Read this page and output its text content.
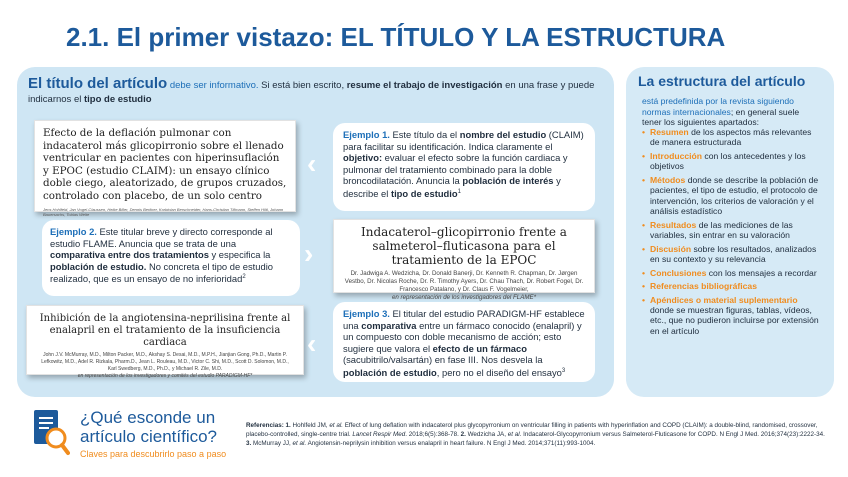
2.1. El primer vistazo: EL TÍTULO Y LA ESTRUCTURA
El título del artículo debe ser informativo. Si está bien escrito, resume el trabajo de investigación en una frase y puede indicarnos el tipo de estudio
Efecto de la deflación pulmonar con indacaterol más glicopirronio sobre el llenado ventricular en pacientes con hiperinsuflación y EPOC (estudio CLAIM): un ensayo clínico doble ciego, aleatorizado, de grupos cruzados, controlado con placebo, de un solo centro
Jens Hohlfeld, Jan Vogel-Claussen, Heike Biller, Dennis Berliner, Korbinian Berschneider, Hans-Christian Tillmann, Steffen Hiltl, Johann Bauersachs, Tobias Welte
Ejemplo 1. Este título da el nombre del estudio (CLAIM) para facilitar su identificación. Indica claramente el objetivo: evaluar el efecto sobre la función cardiaca y pulmonar del tratamiento combinado para la doble broncodilatación. Anuncia la población de interés y describe el tipo de estudio$^1$
‹
Ejemplo 2. Este titular breve y directo corresponde al estudio FLAME. Anuncia que se trata de una comparativa entre dos tratamientos y especifica la población de estudio. No concreta el tipo de estudio realizado, que es un ensayo de no inferioridad$^2$
›
Indacaterol–glicopirronio frente a salmeterol–fluticasona para el tratamiento de la EPOC
Dr. Jadwiga A. Wedzicha, Dr. Donald Banerji, Dr. Kenneth R. Chapman, Dr. Jørgen Vestbo, Dr. Nicolas Roche, Dr. R. Timothy Ayers, Dr. Chau Thach, Dr. Robert Fogel, Dr. Francesco Patalano, y Dr. Claus F. Vogelmeier,
en representación de los investigadores del FLAME*
Inhibición de la angiotensina-neprilisina frente al enalapril en el tratamiento de la insuficiencia cardiaca
John J.V. McMurray, M.D., Milton Packer, M.D., Akshay S. Desai, M.D., M.P.H., Jianjian Gong, Ph.D., Martin P. Lefkowitz, M.D., Adel R. Rizkala, Pharm.D., Jean L. Rouleau, M.D., Victor C. Shi, M.D., Scott D. Solomon, M.D., Karl Swedberg, M.D., Ph.D., y Michael R. Zile, M.D.
en representación de los investigadores y comités del estudio PARADIGM-HF*
‹
Ejemplo 3. El titular del estudio PARADIGM-HF establece una comparativa entre un fármaco conocido (enalapril) y un compuesto con doble mecanismo de acción; esto sugiere que valora el efecto de un fármaco (sacubitrilo/valsartán) en fase III. Nos desvela la población de estudio, pero no el diseño del ensayo$^3$
La estructura del artículo
está predefinida por la revista siguiendo normas internacionales; en general suele tener los siguientes apartados:
• Resumen de los aspectos más relevantes de manera estructurada
• Introducción con los antecedentes y los objetivos
• Métodos donde se describe la población de pacientes, el tipo de estudio, el protocolo de intervención, los criterios de valoración y el análisis estadístico
• Resultados de las mediciones de las variables, sin entrar en su valoración
• Discusión sobre los resultados, analizados en su contexto y su relevancia
• Conclusiones con los mensajes a recordar
• Referencias bibliográficas
• Apéndices o material suplementario donde se muestran figuras, tablas, vídeos, etc., que no pudieron incluirse por extensión en el artículo
¿Qué esconde un
artículo científico?
Claves para descubrirlo paso a paso
Referencias: 1. Hohlfeld JM, et al. Effect of lung deflation with indacaterol plus glycopyrronium on ventricular filling in patients with hyperinflation and COPD (CLAIM): a double-blind, randomised, crossover, placebo-controlled, single-centre trial. Lancet Respir Med. 2018;6(5):368-78. 2. Wedzicha JA, et al. Indacaterol-Glycopyrronium versus Salmeterol-Fluticasone for COPD. N Engl J Med. 2016;374(23):2222-34. 3. McMurray JJ, et al. Angiotensin-neprilysin inhibition versus enalapril in heart failure. N Engl J Med. 2014;371(11):993-1004.
